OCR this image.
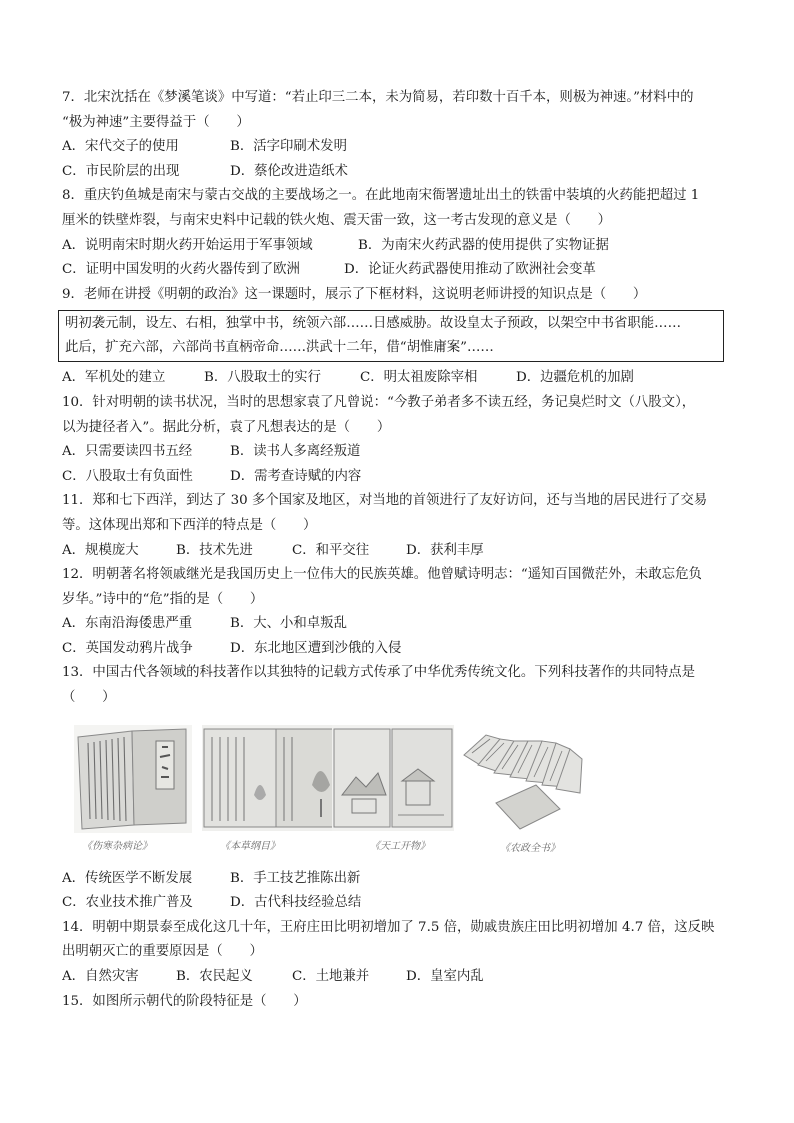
7．北宋沈括在《梦溪笔谈》中写道：“若止印三二本，未为简易，若印数十百千本，则极为神速。”材料中的
“极为神速”主要得益于（　　）
A．宋代交子的使用	B．活字印刷术发明
C．市民阶层的出现	D．蔡伦改进造纸术
8．重庆钓鱼城是南宋与蒙古交战的主要战场之一。在此地南宋衙署遗址出土的铁雷中装填的火药能把超过 1
厘米的铁壁炸裂，与南宋史料中记载的铁火炮、震天雷一致，这一考古发现的意义是（　　）
A．说明南宋时期火药开始运用于军事领域	B．为南宋火药武器的使用提供了实物证据
C．证明中国发明的火药火器传到了欧洲	D．论证火药武器使用推动了欧洲社会变革
9．老师在讲授《明朝的政治》这一课题时，展示了下框材料，这说明老师讲授的知识点是（　　）
明初袭元制，设左、右相，独掌中书，统领六部……日感威胁。故设皇太子预政，以架空中书省职能……
此后，扩充六部，六部尚书直柄帝命……洪武十二年，借“胡惟庸案”……
A．军机处的建立	B．八股取士的实行	C．明太祖废除宰相	D．边疆危机的加剧
10．针对明朝的读书状况，当时的思想家袁了凡曾说：“今教子弟者多不读五经，务记臭烂时文（八股文），
以为捷径者入”。据此分析，袁了凡想表达的是（　　）
A．只需要读四书五经	B．读书人多离经叛道
C．八股取士有负面性	D．需考查诗赋的内容
11．郑和七下西洋，到达了 30 多个国家及地区，对当地的首领进行了友好访问，还与当地的居民进行了交易
等。这体现出郑和下西洋的特点是（　　）
A．规模庞大	B．技术先进	C．和平交往	D．获利丰厚
12．明朝著名将领戚继光是我国历史上一位伟大的民族英雄。他曾赋诗明志：“遥知百国微茫外，未敢忘危负
岁华。”诗中的“危”指的是（　　）
A．东南沿海倭患严重	B．大、小和卓叛乱
C．英国发动鸦片战争	D．东北地区遭到沙俄的入侵
13．中国古代各领域的科技著作以其独特的记载方式传承了中华优秀传统文化。下列科技著作的共同特点是
（　　）
《伤寒杂病论》	《本草纲目》	《天工开物》	《农政全书》
A．传统医学不断发展	B．手工技艺推陈出新
C．农业技术推广普及	D．古代科技经验总结
14．明朝中期景泰至成化这几十年，王府庄田比明初增加了 7.5 倍，勋戚贵族庄田比明初增加 4.7 倍，这反映
出明朝灭亡的重要原因是（　　）
A．自然灾害	B．农民起义	C．土地兼并	D．皇室内乱
15．如图所示朝代的阶段特征是（　　）
